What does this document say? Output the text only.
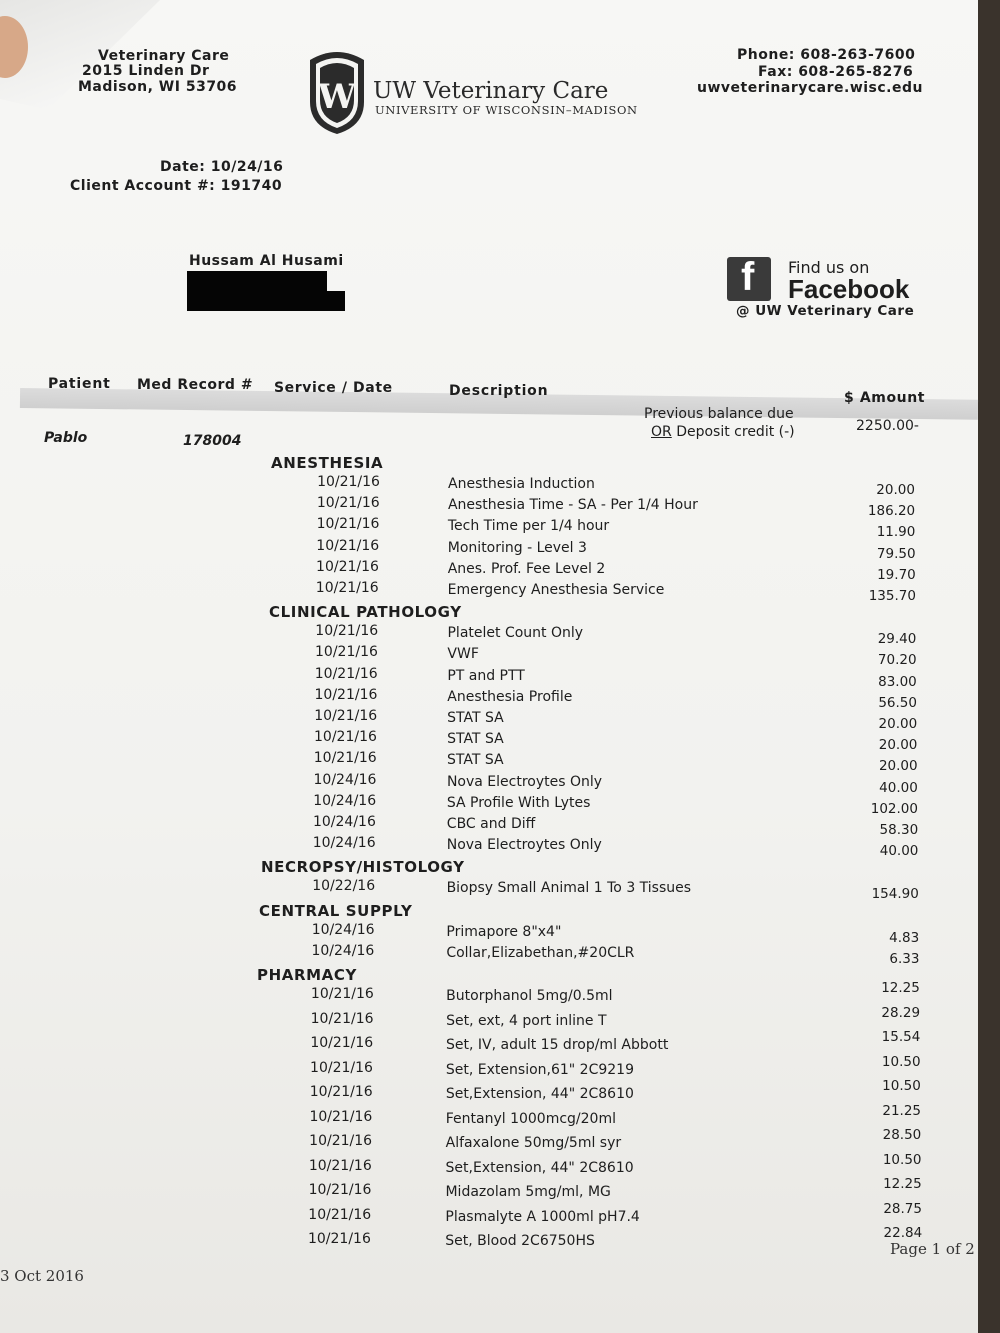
Veterinary Care
2015 Linden Dr
Madison, WI 53706 W UW Veterinary Care
UNIVERSITY OF WISCONSIN–MADISON
Phone: 608-263-7600
Fax: 608-265-8276
uwveterinarycare.wisc.edu
Date: 10/24/16
Client Account #: 191740
Hussam Al Husami	f Find us on
Facebook
@ UW Veterinary Care
Patient Med Record # Service / Date	Description	$ Amount
Previous balance due
OR Deposit credit (-)	2250.00-
Pablo	178004
ANESTHESIA
10/21/16	Anesthesia Induction	20.00
10/21/16	Anesthesia Time - SA - Per 1/4 Hour	186.20
10/21/16	Tech Time per 1/4 hour	11.90
10/21/16	Monitoring - Level 3	79.50
10/21/16	Anes. Prof. Fee Level 2	19.70
10/21/16	Emergency Anesthesia Service	135.70
CLINICAL PATHOLOGY
10/21/16	Platelet Count Only	29.40
10/21/16	VWF	70.20
10/21/16	PT and PTT	83.00
10/21/16	Anesthesia Profile	56.50
10/21/16	STAT SA	20.00
10/21/16	STAT SA	20.00
10/21/16	STAT SA	20.00
10/24/16	Nova Electroytes Only	40.00
10/24/16	SA Profile With Lytes	102.00
10/24/16	CBC and Diff	58.30
10/24/16	Nova Electroytes Only	40.00
NECROPSY/HISTOLOGY
10/22/16	Biopsy Small Animal 1 To 3 Tissues	154.90
CENTRAL SUPPLY
10/24/16	Primapore 8"x4"	4.83
10/24/16	Collar,Elizabethan,#20CLR	6.33
PHARMACY
10/21/16	Butorphanol 5mg/0.5ml	12.25
10/21/16	Set, ext, 4 port inline T	28.29
10/21/16	Set, IV, adult 15 drop/ml Abbott	15.54
10/21/16	Set, Extension,61" 2C9219	10.50
10/21/16	Set,Extension, 44" 2C8610	10.50
10/21/16	Fentanyl 1000mcg/20ml	21.25
10/21/16	Alfaxalone 50mg/5ml syr	28.50
10/21/16	Set,Extension, 44" 2C8610	10.50
10/21/16	Midazolam 5mg/ml, MG	12.25
10/21/16	Plasmalyte A 1000ml pH7.4	28.75
10/21/16	Set, Blood 2C6750HS	22.84
3 Oct 2016
Page 1 of 2
